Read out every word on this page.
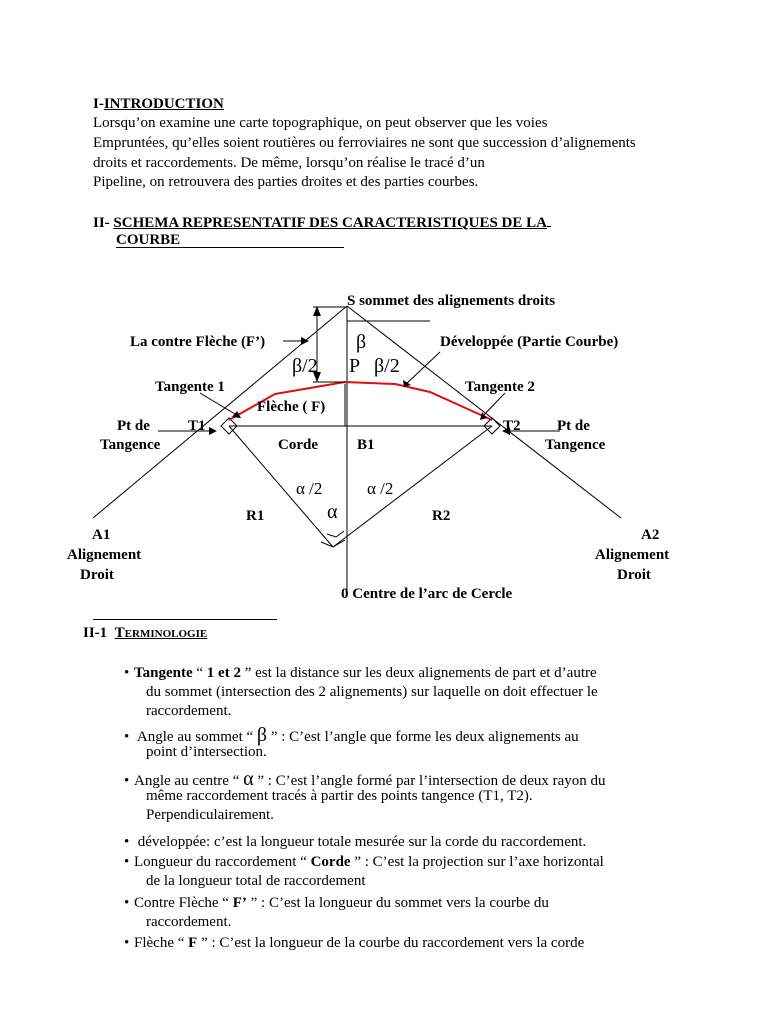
I-INTRODUCTION
Lorsqu’on examine une carte topographique, on peut observer que les voies
Empruntées, qu’elles soient routières ou ferroviaires ne sont que succession d’alignements
droits et raccordements. De même, lorsqu’on réalise le tracé d’un
Pipeline, on retrouvera des parties droites et des parties courbes.
II- SCHEMA REPRESENTATIF DES CARACTERISTIQUES DE LA
COURBE
S sommet des alignements droits
La contre Flèche (F’)	Développée (Partie Courbe)
β
β/2 P β/2
Tangente 1	Tangente 2
Flèche ( F)
Pt de
Tangence
T1
Corde	B1
T2 Pt de
Tangence
α /2	α /2
R1	α	R2
A1
Alignement
Droit
A2
Alignement
Droit
0 Centre de l’arc de Cercle
II-1 Terminologie
• Tangente “ 1 et 2 ” est la distance sur les deux alignements de part et d’autre
du sommet (intersection des 2 alignements) sur laquelle on doit effectuer le
raccordement.
• Angle au sommet “ β ” : C’est l’angle que forme les deux alignements au
point d’intersection.
• Angle au centre “ α ” : C’est l’angle formé par l’intersection de deux rayon du
même raccordement tracés à partir des points tangence (T1, T2).
Perpendiculairement.
• développée: c’est la longueur totale mesurée sur la corde du raccordement.
• Longueur du raccordement “ Corde ” : C’est la projection sur l’axe horizontal
de la longueur total de raccordement
• Contre Flèche “ F’ ” : C’est la longueur du sommet vers la courbe du
raccordement.
• Flèche “ F ” : C’est la longueur de la courbe du raccordement vers la corde
